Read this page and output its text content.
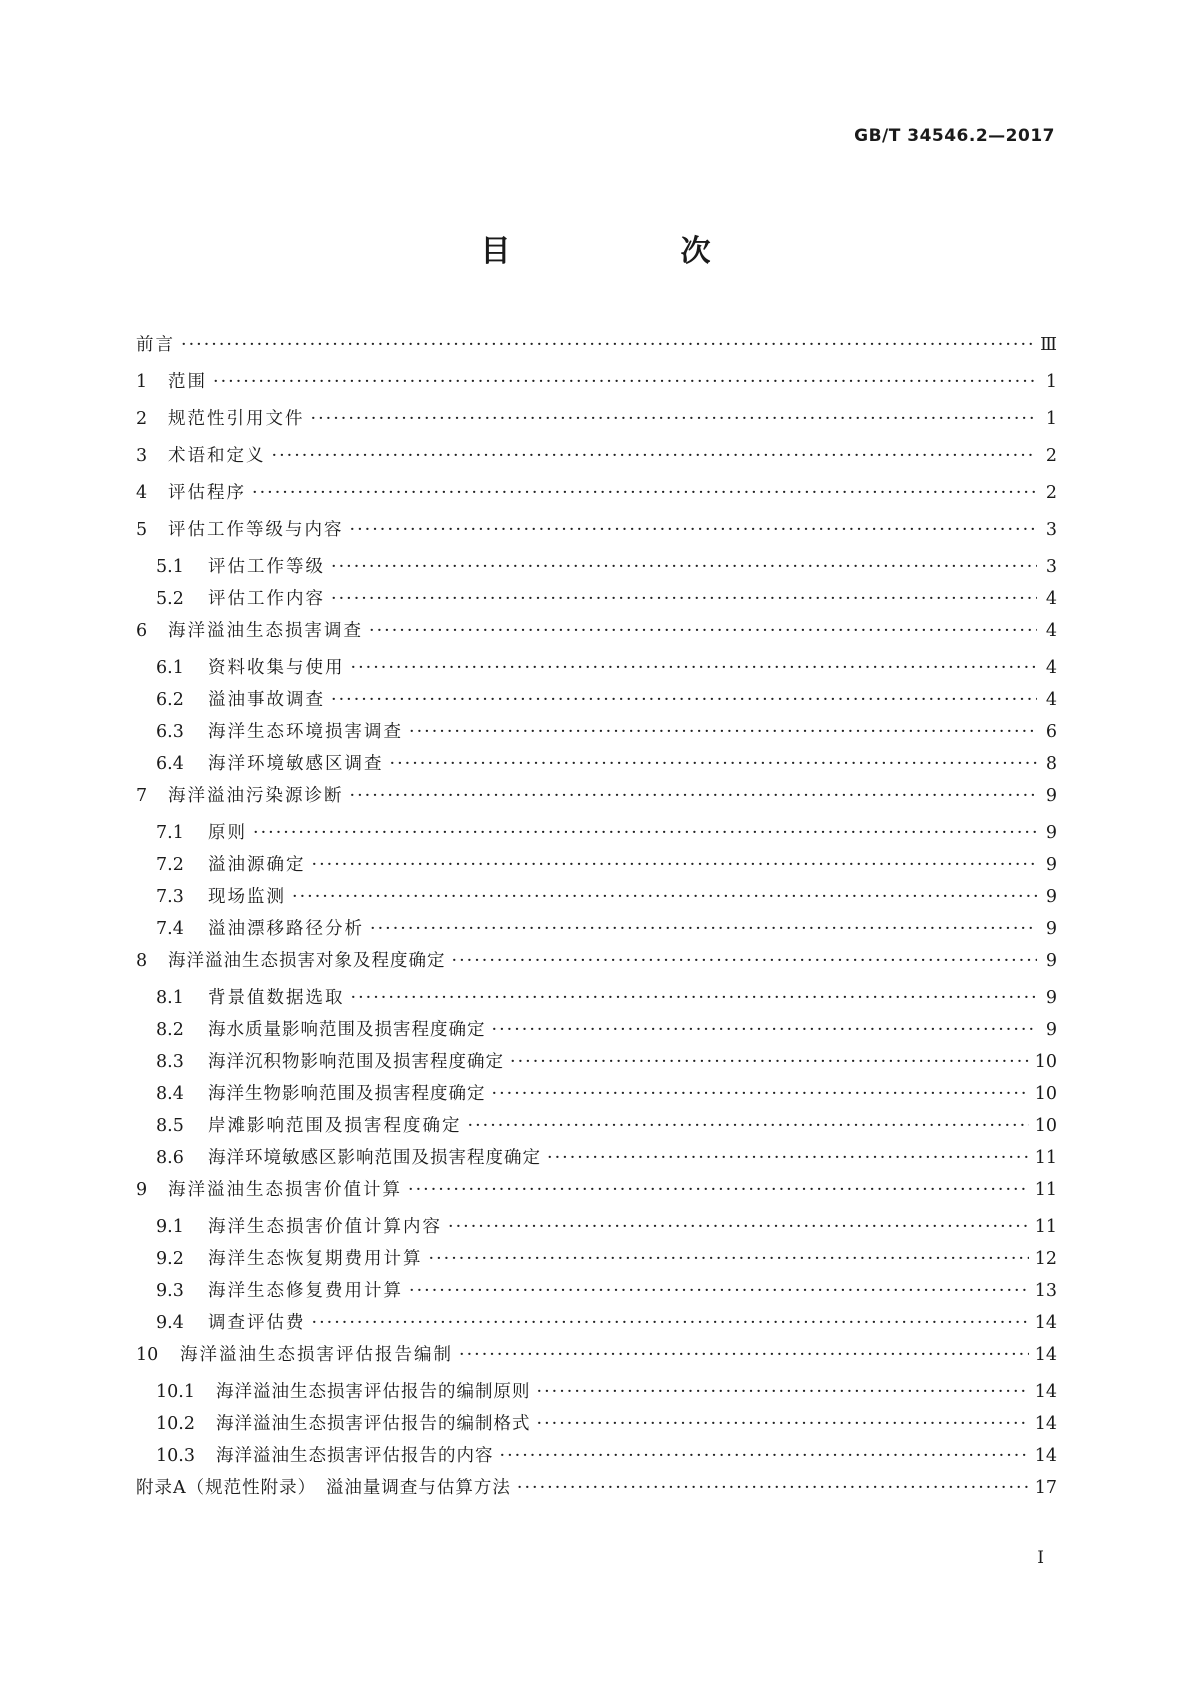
GB/T 34546.2—2017
目　次
前言 ·····	Ⅲ
1	范围 ·····	1
2	规范性引用文件 ·····	1
3	术语和定义 ·····	2
4	评估程序 ·····	2
5	评估工作等级与内容 ·····	3
5.1	评估工作等级 ·····	3
5.2	评估工作内容 ·····	4
6	海洋溢油生态损害调查 ·····	4
6.1	资料收集与使用 ·····	4
6.2	溢油事故调查 ·····	4
6.3	海洋生态环境损害调查 ·····	6
6.4	海洋环境敏感区调查 ·····	8
7	海洋溢油污染源诊断 ·····	9
7.1	原则 ·····	9
7.2	溢油源确定 ·····	9
7.3	现场监测 ·····	9
7.4	溢油漂移路径分析 ·····	9
8	海洋溢油生态损害对象及程度确定 ·····	9
8.1	背景值数据选取 ·····	9
8.2	海水质量影响范围及损害程度确定 ·····	9
8.3	海洋沉积物影响范围及损害程度确定 ·····	10
8.4	海洋生物影响范围及损害程度确定 ·····	10
8.5	岸滩影响范围及损害程度确定 ·····	10
8.6	海洋环境敏感区影响范围及损害程度确定 ·····	11
9	海洋溢油生态损害价值计算 ·····	11
9.1	海洋生态损害价值计算内容 ·····	11
9.2	海洋生态恢复期费用计算 ·····	12
9.3	海洋生态修复费用计算 ·····	13
9.4	调查评估费 ·····	14
10	海洋溢油生态损害评估报告编制 ·····	14
10.1	海洋溢油生态损害评估报告的编制原则 ·····	14
10.2	海洋溢油生态损害评估报告的编制格式 ·····	14
10.3	海洋溢油生态损害评估报告的内容 ·····	14
附录A（规范性附录）　溢油量调查与估算方法 ·····	17
I
